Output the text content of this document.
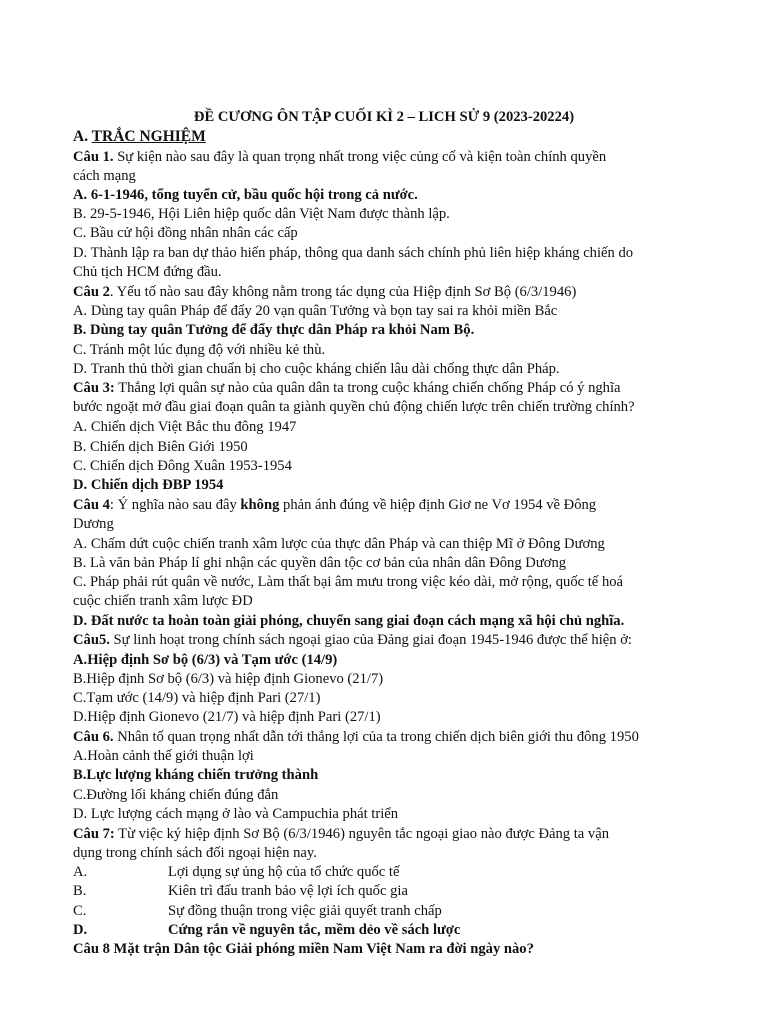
ĐỀ CƯƠNG ÔN TẬP CUỐI KÌ 2 – LICH SỬ 9 (2023-20224)
A. TRẮC NGHIỆM
Câu 1. Sự kiện nào sau đây là quan trọng nhất trong việc củng cố và kiện toàn chính quyền
cách mạng
A. 6-1-1946, tổng tuyển cử, bầu quốc hội trong cả nước.
B. 29-5-1946, Hội Liên hiệp quốc dân Việt Nam được thành lập.
C. Bầu cử hội đồng nhân nhân các cấp
D. Thành lập ra ban dự thảo hiến pháp, thông qua danh sách chính phủ liên hiệp kháng chiến do
Chủ tịch HCM đứng đầu.
Câu 2. Yếu tố nào sau đây không nằm trong tác dụng của Hiệp định Sơ Bộ (6/3/1946)
A. Dùng tay quân Pháp để đẩy 20 vạn quân Tưởng và bọn tay sai ra khỏi miền Bắc
B. Dùng tay quân Tưởng để đẩy thực dân Pháp ra khỏi Nam Bộ.
C. Tránh một lúc đụng độ với nhiều kẻ thù.
D. Tranh thủ thời gian chuẩn bị cho cuộc kháng chiến lâu dài chống thực dân Pháp.
Câu 3: Thắng lợi quân sự nào của quân dân ta trong cuộc kháng chiến chống Pháp có ý nghĩa
bước ngoặt mở đầu giai đoạn quân ta giành quyền chủ động chiến lược trên chiến trường chính?
A. Chiến dịch Việt Bắc thu đông 1947
B. Chiến dịch Biên Giới 1950
C. Chiến dịch Đông Xuân 1953-1954
D. Chiến dịch ĐBP 1954
Câu 4: Ý nghĩa nào sau đây không phản ánh đúng về hiệp định Giơ ne Vơ 1954 về Đông
Dương
A. Chấm dứt cuộc chiến tranh xâm lược của thực dân Pháp và can thiệp Mĩ ở Đông Dương
B. Là văn bản Pháp lí ghi nhận các quyền dân tộc cơ bản của nhân dân Đông Dương
C. Pháp phải rút quân về nước, Làm thất bại âm mưu trong việc kéo dài, mở rộng, quốc tế hoá
cuộc chiến tranh xâm lược ĐD
D. Đất nước ta hoàn toàn giải phóng, chuyển sang giai đoạn cách mạng xã hội chủ nghĩa.
Câu5. Sự linh hoạt trong chính sách ngoại giao của Đảng giai đoạn 1945-1946 được thể hiện ở:
A.Hiệp định Sơ bộ (6/3) và Tạm ước (14/9)
B.Hiệp định Sơ bộ (6/3) và hiệp định Gionevo (21/7)
C.Tạm ước (14/9) và hiệp định Pari (27/1)
D.Hiệp định Gionevo (21/7) và hiệp định Pari (27/1)
Câu 6. Nhân tố quan trọng nhất dẫn tới thắng lợi của ta trong chiến dịch biên giới thu đông 1950
A.Hoàn cảnh thế giới thuận lợi
B.Lực lượng kháng chiến trưởng thành
C.Đường lối kháng chiến đúng đắn
D. Lực lượng cách mạng ở lào và Campuchia phát triển
Câu 7: Từ việc ký hiệp định Sơ Bộ (6/3/1946) nguyên tắc ngoại giao nào được Đảng ta vận
dụng trong chính sách đối ngoại hiện nay.
A.	Lợi dụng sự ủng hộ của tổ chức quốc tế
B.	Kiên trì đấu tranh bảo vệ lợi ích quốc gia
C.	Sự đồng thuận trong việc giải quyết tranh chấp
D.	Cứng rắn về nguyên tắc, mềm dẻo về sách lược
Câu 8 Mặt trận Dân tộc Giải phóng miền Nam Việt Nam ra đời ngày nào?
